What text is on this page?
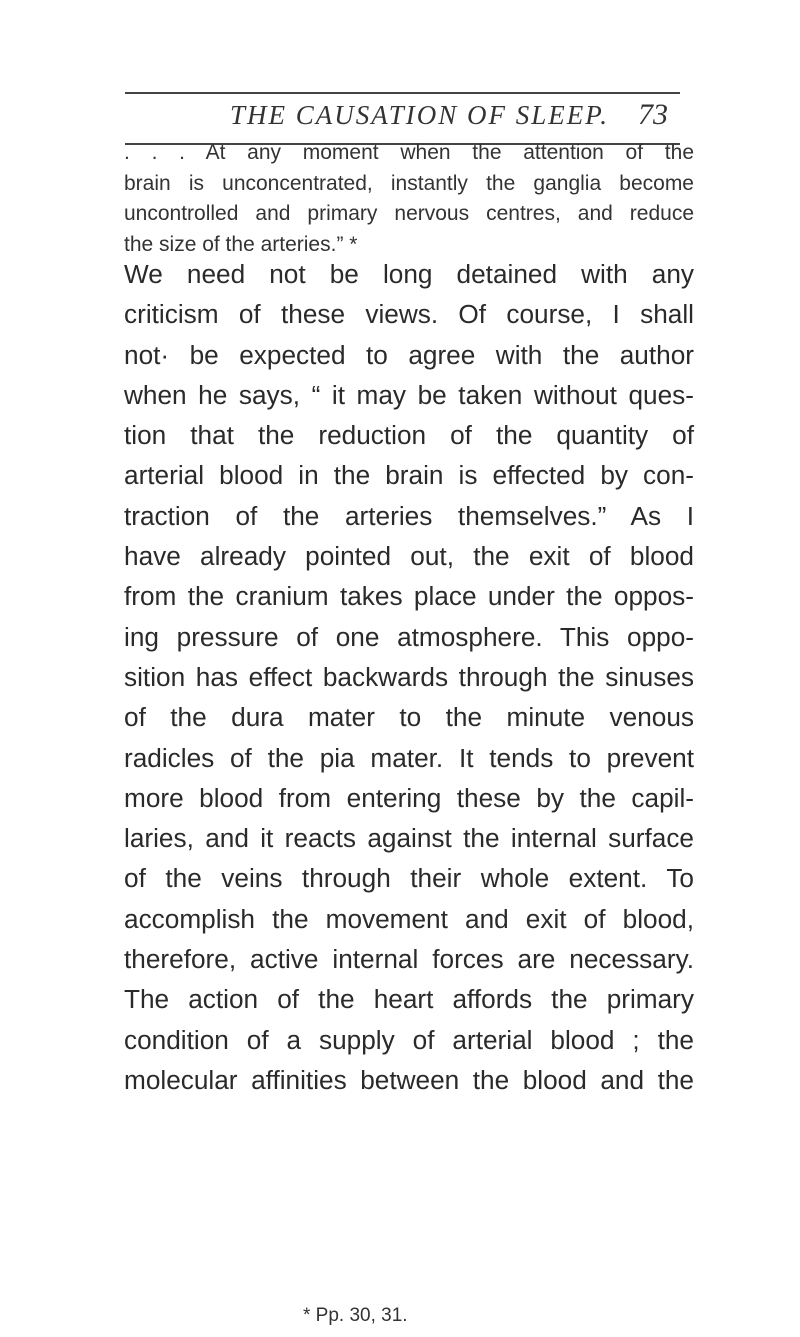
THE CAUSATION OF SLEEP. 73
. . . At any moment when the attention of the
brain is unconcentrated, instantly the ganglia become
uncontrolled and primary nervous centres, and reduce
the size of the arteries.” *
We need not be long detained with any
criticism of these views. Of course, I shall
not· be expected to agree with the author
when he says, “ it may be taken without ques-
tion that the reduction of the quantity of
arterial blood in the brain is effected by con-
traction of the arteries themselves.” As I
have already pointed out, the exit of blood
from the cranium takes place under the oppos-
ing pressure of one atmosphere. This oppo-
sition has effect backwards through the sinuses
of the dura mater to the minute venous
radicles of the pia mater. It tends to prevent
more blood from entering these by the capil-
laries, and it reacts against the internal surface
of the veins through their whole extent. To
accomplish the movement and exit of blood,
therefore, active internal forces are necessary.
The action of the heart affords the primary
condition of a supply of arterial blood ; the
molecular affinities between the blood and the
* Pp. 30, 31.
